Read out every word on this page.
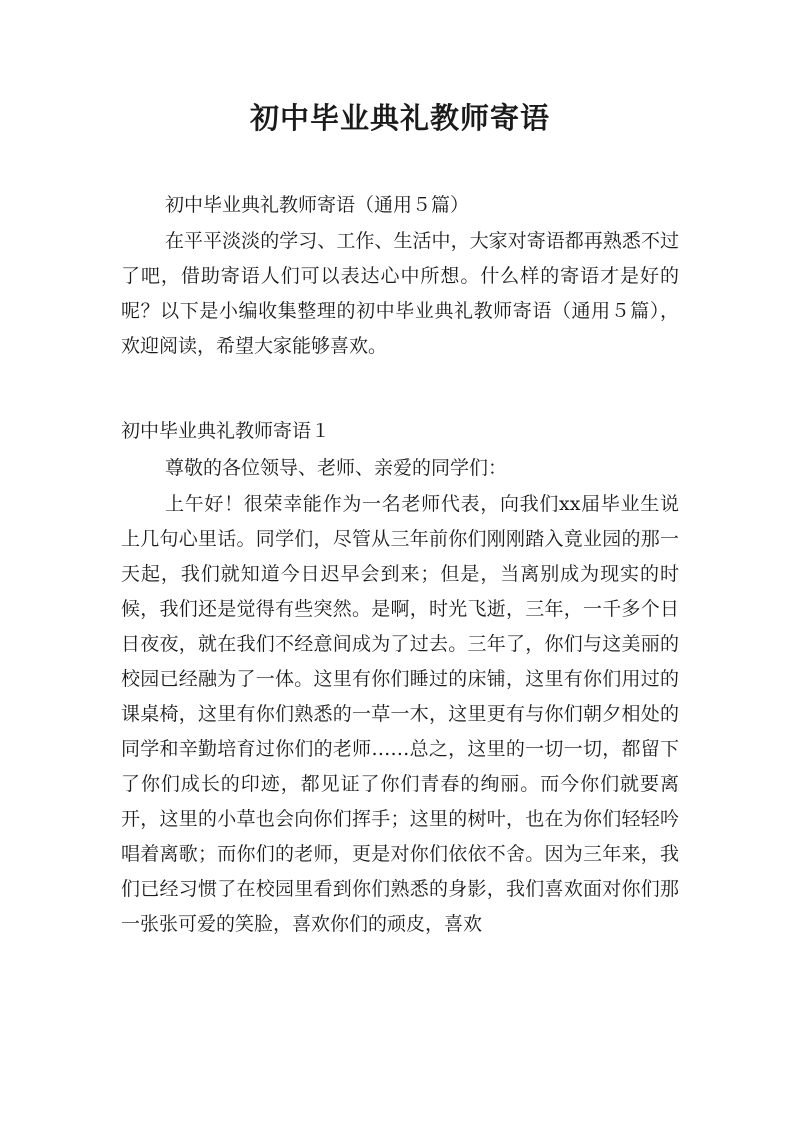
初中毕业典礼教师寄语

初中毕业典礼教师寄语（通用５篇）

在平平淡淡的学习、工作、生活中，大家对寄语都再熟悉不过了吧，借助寄语人们可以表达心中所想。什么样的寄语才是好的呢？以下是小编收集整理的初中毕业典礼教师寄语（通用５篇），欢迎阅读，希望大家能够喜欢。

初中毕业典礼教师寄语１

尊敬的各位领导、老师、亲爱的同学们：

上午好！很荣幸能作为一名老师代表，向我们xx届毕业生说上几句心里话。同学们，尽管从三年前你们刚刚踏入竟业园的那一天起，我们就知道今日迟早会到来；但是，当离别成为现实的时候，我们还是觉得有些突然。是啊，时光飞逝，三年，一千多个日日夜夜，就在我们不经意间成为了过去。三年了，你们与这美丽的校园已经融为了一体。这里有你们睡过的床铺，这里有你们用过的课桌椅，这里有你们熟悉的一草一木，这里更有与你们朝夕相处的同学和辛勤培育过你们的老师……总之，这里的一切一切，都留下了你们成长的印迹，都见证了你们青春的绚丽。而今你们就要离开，这里的小草也会向你们挥手；这里的树叶，也在为你们轻轻吟唱着离歌；而你们的老师，更是对你们依依不舍。因为三年来，我们已经习惯了在校园里看到你们熟悉的身影，我们喜欢面对你们那一张张可爱的笑脸，喜欢你们的顽皮，喜欢
